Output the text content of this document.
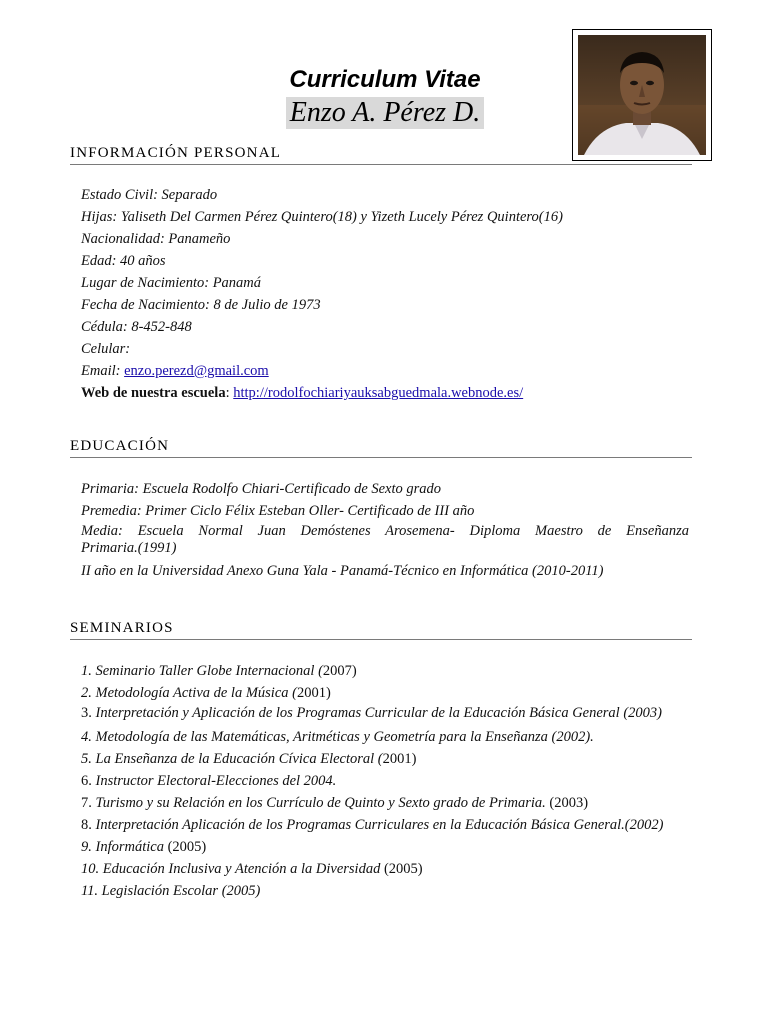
Curriculum Vitae
Enzo A. Pérez D.
INFORMACIÓN PERSONAL
Estado Civil: Separado
Hijas: Yaliseth Del Carmen Pérez Quintero(18) y Yizeth Lucely Pérez Quintero(16)
Nacionalidad: Panameño
Edad: 40 años
Lugar de Nacimiento: Panamá
Fecha de Nacimiento: 8 de Julio de 1973
Cédula: 8-452-848
Celular:
Email: enzo.perezd@gmail.com
Web de nuestra escuela: http://rodolfochiariyauksabguedmala.webnode.es/
EDUCACIÓN
Primaria: Escuela Rodolfo Chiari-Certificado de Sexto grado
Premedia: Primer Ciclo Félix Esteban Oller- Certificado de III año
Media: Escuela Normal Juan Demóstenes Arosemena- Diploma Maestro de Enseñanza
Primaria.(1991)
II año en la Universidad Anexo Guna Yala - Panamá-Técnico en Informática (2010-2011)
SEMINARIOS
1. Seminario Taller Globe Internacional (2007)
2. Metodología Activa de la Música (2001)
3. Interpretación y Aplicación de los Programas Curricular de la Educación Básica General (2003)
4. Metodología de las Matemáticas, Aritméticas y Geometría para la Enseñanza (2002).
5. La Enseñanza de la Educación Cívica Electoral (2001)
6. Instructor Electoral-Elecciones del 2004.
7. Turismo y su Relación en los Currículo de Quinto y Sexto grado de Primaria. (2003)
8. Interpretación Aplicación de los Programas Curriculares en la Educación Básica General.(2002)
9. Informática (2005)
10. Educación Inclusiva y Atención a la Diversidad (2005)
11. Legislación Escolar (2005)
